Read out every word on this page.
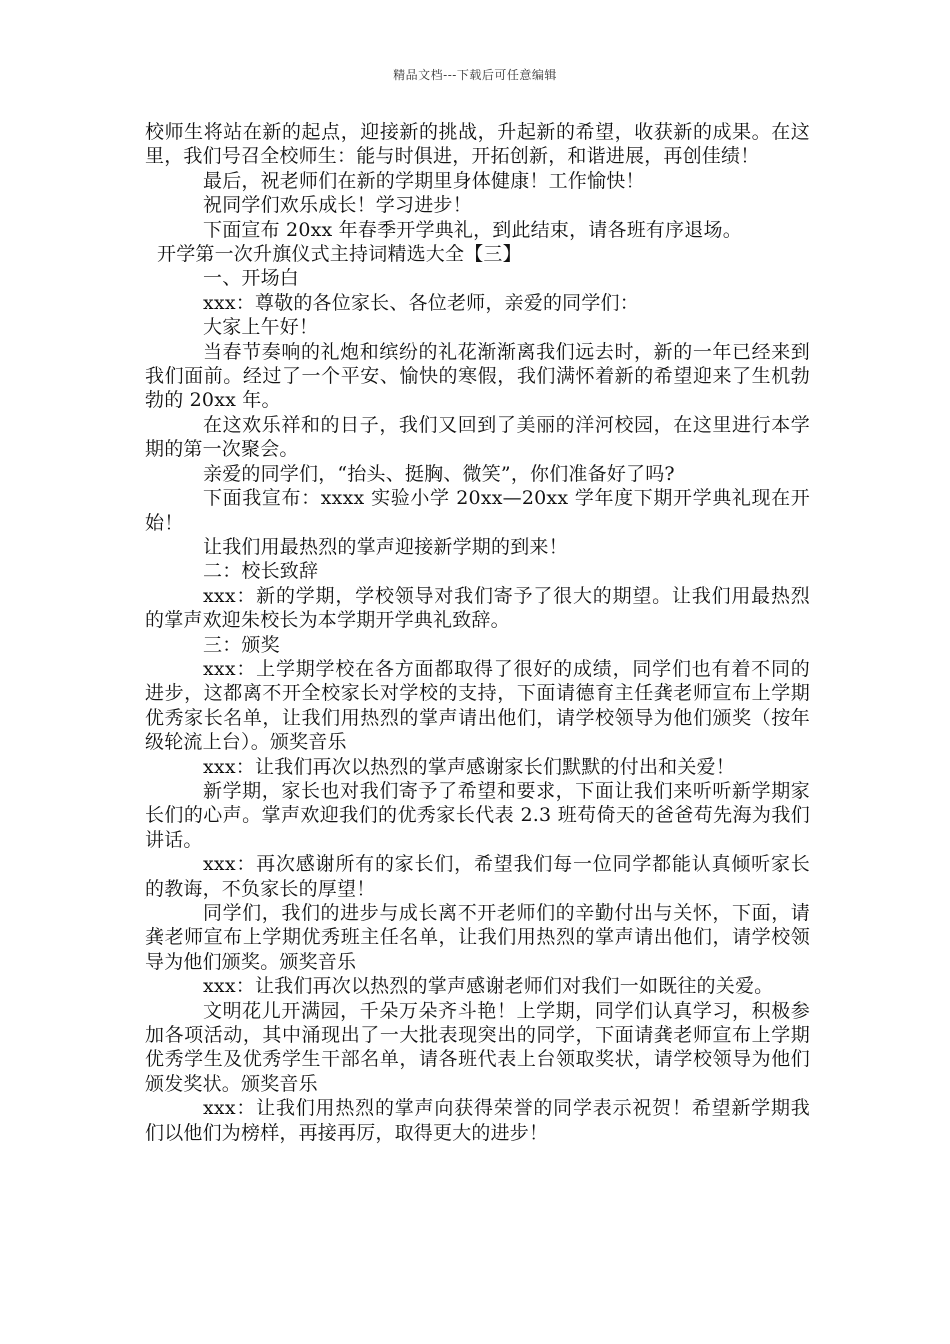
精品文档---下载后可任意编辑

校师生将站在新的起点，迎接新的挑战，升起新的希望，收获新的成果。在这里，我们号召全校师生：能与时俱进，开拓创新，和谐进展，再创佳绩！

最后，祝老师们在新的学期里身体健康！工作愉快！

祝同学们欢乐成长！学习进步！

下面宣布 20xx 年春季开学典礼，到此结束，请各班有序退场。

开学第一次升旗仪式主持词精选大全【三】

一、开场白

xxx：尊敬的各位家长、各位老师，亲爱的同学们：

大家上午好！

当春节奏响的礼炮和缤纷的礼花渐渐离我们远去时，新的一年已经来到我们面前。经过了一个平安、愉快的寒假，我们满怀着新的希望迎来了生机勃勃的 20xx 年。

在这欢乐祥和的日子，我们又回到了美丽的洋河校园，在这里进行本学期的第一次聚会。

亲爱的同学们，“抬头、挺胸、微笑”，你们准备好了吗?

下面我宣布：xxxx 实验小学 20xx—20xx 学年度下期开学典礼现在开始！

让我们用最热烈的掌声迎接新学期的到来！

二：校长致辞

xxx：新的学期，学校领导对我们寄予了很大的期望。让我们用最热烈的掌声欢迎朱校长为本学期开学典礼致辞。

三：颁奖

xxx：上学期学校在各方面都取得了很好的成绩，同学们也有着不同的进步，这都离不开全校家长对学校的支持，下面请德育主任龚老师宣布上学期优秀家长名单，让我们用热烈的掌声请出他们，请学校领导为他们颁奖（按年级轮流上台）。颁奖音乐

xxx：让我们再次以热烈的掌声感谢家长们默默的付出和关爱！

新学期，家长也对我们寄予了希望和要求，下面让我们来听听新学期家长们的心声。掌声欢迎我们的优秀家长代表 2.3 班苟倚天的爸爸苟先海为我们讲话。

xxx：再次感谢所有的家长们，希望我们每一位同学都能认真倾听家长的教诲，不负家长的厚望！

同学们，我们的进步与成长离不开老师们的辛勤付出与关怀，下面，请龚老师宣布上学期优秀班主任名单，让我们用热烈的掌声请出他们，请学校领导为他们颁奖。颁奖音乐

xxx：让我们再次以热烈的掌声感谢老师们对我们一如既往的关爱。

文明花儿开满园，千朵万朵齐斗艳！上学期，同学们认真学习，积极参加各项活动，其中涌现出了一大批表现突出的同学，下面请龚老师宣布上学期优秀学生及优秀学生干部名单，请各班代表上台领取奖状，请学校领导为他们颁发奖状。颁奖音乐

xxx：让我们用热烈的掌声向获得荣誉的同学表示祝贺！希望新学期我们以他们为榜样，再接再厉，取得更大的进步！
